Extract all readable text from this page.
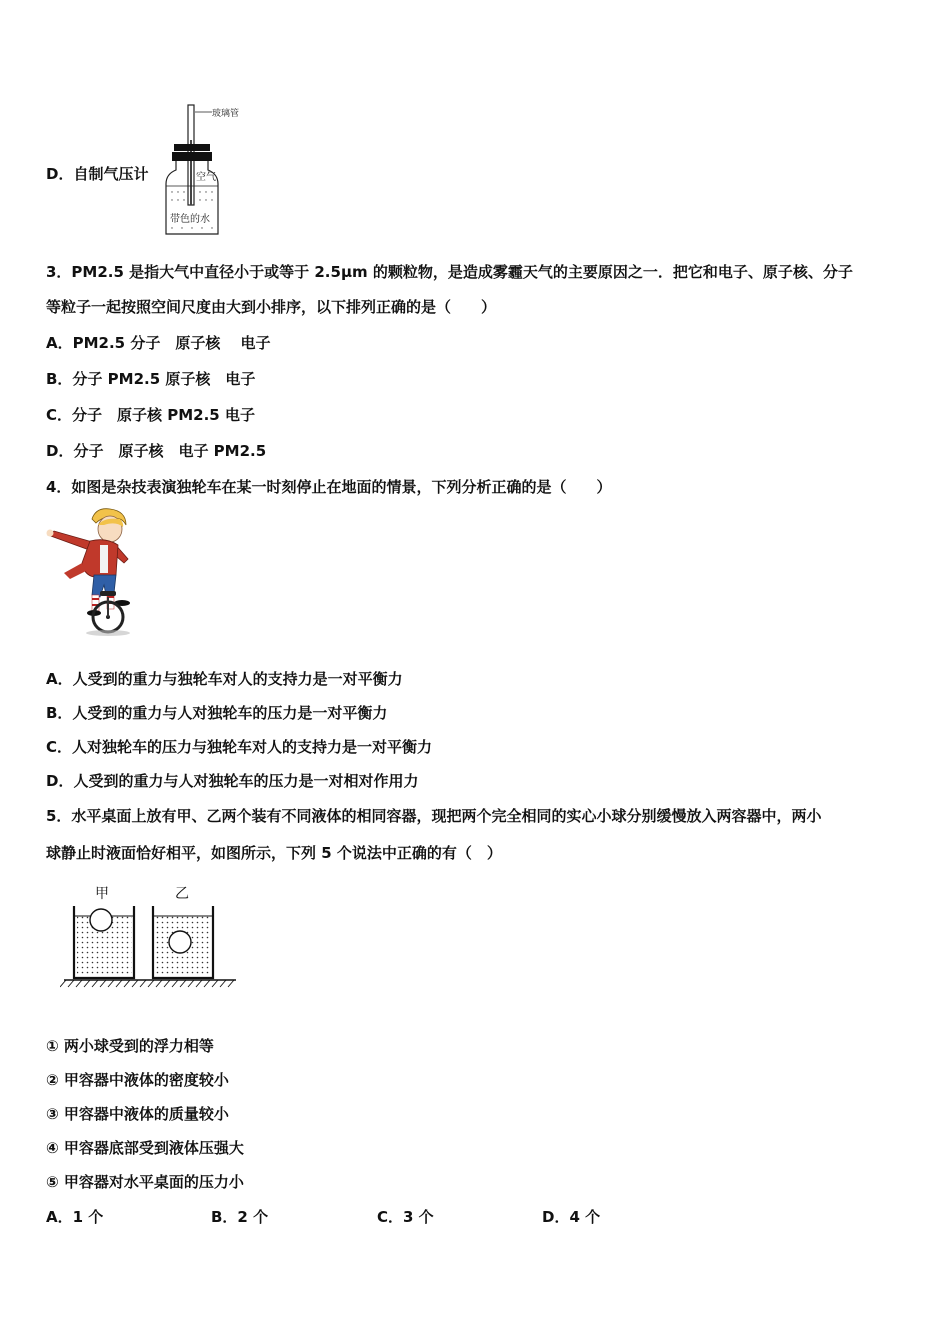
D．自制气压计
玻璃管
空气
带色的水
3．PM2.5 是指大气中直径小于或等于 2.5μm 的颗粒物，是造成雾霾天气的主要原因之一．把它和电子、原子核、分子
等粒子一起按照空间尺度由大到小排序，以下排列正确的是（　　）
A．PM2.5 分子　原子核　 电子
B．分子 PM2.5 原子核　电子
C．分子　原子核 PM2.5 电子
D．分子　原子核　电子 PM2.5
4．如图是杂技表演独轮车在某一时刻停止在地面的情景，下列分析正确的是（　　）
A．人受到的重力与独轮车对人的支持力是一对平衡力
B．人受到的重力与人对独轮车的压力是一对平衡力
C．人对独轮车的压力与独轮车对人的支持力是一对平衡力
D．人受到的重力与人对独轮车的压力是一对相对作用力
5．水平桌面上放有甲、乙两个装有不同液体的相同容器，现把两个完全相同的实心小球分别缓慢放入两容器中，两小
球静止时液面恰好相平，如图所示，下列 5 个说法中正确的有（　）
甲	乙
① 两小球受到的浮力相等
② 甲容器中液体的密度较小
③ 甲容器中液体的质量较小
④ 甲容器底部受到液体压强大
⑤ 甲容器对水平桌面的压力小
A．1 个	B．2 个	C．3 个	D．4 个
